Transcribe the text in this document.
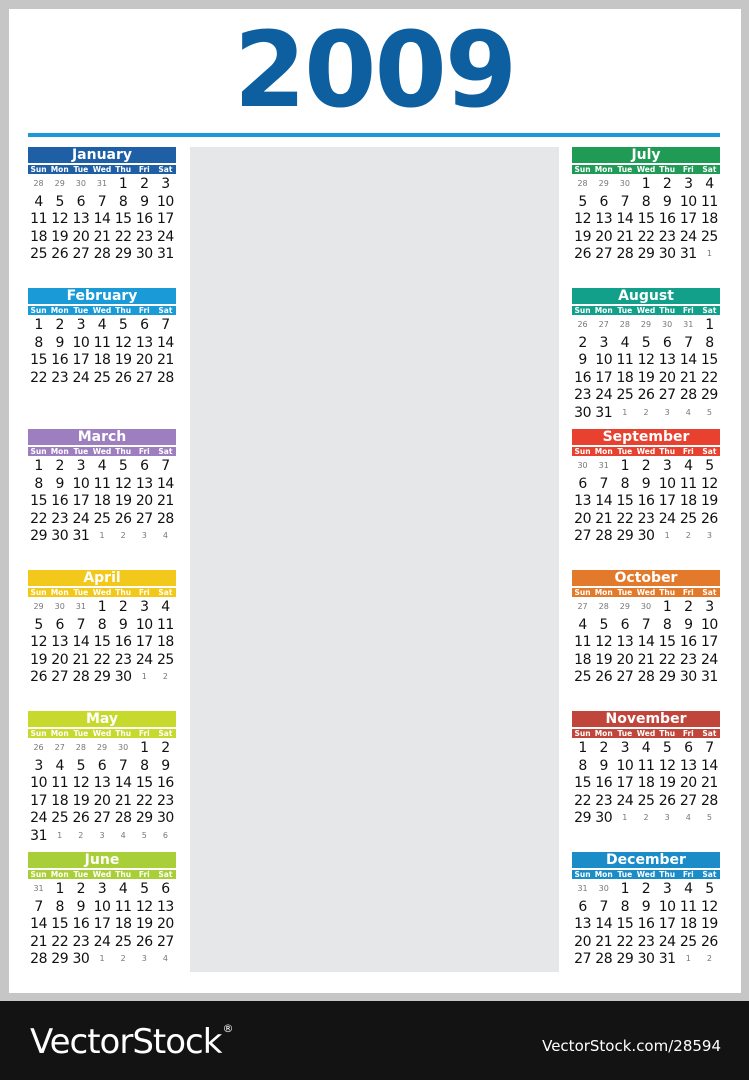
2009
January
Sun Mon Tue Wed Thu	Fri	Sat
28	29	30	31 1 2 3
4 5 6 7 8 9 10
11 12 13 14 15 16 17
18 19 20 21 22 23 24
25 26 27 28 29 30 31
February
Sun Mon Tue Wed Thu	Fri	Sat
1 2 3 4 5 6 7
8 9 10 11 12 13 14
15 16 17 18 19 20 21
22 23 24 25 26 27 28
March
Sun Mon Tue Wed Thu	Fri	Sat
1 2 3 4 5 6 7
8 9 10 11 12 13 14
15 16 17 18 19 20 21
22 23 24 25 26 27 28
29 30 31	1	2	3	4
April
Sun Mon Tue Wed Thu	Fri	Sat
29	30	31 1 2 3 4
5 6 7 8 9 10 11
12 13 14 15 16 17 18
19 20 21 22 23 24 25
26 27 28 29 30	1	2
May
Sun Mon Tue Wed Thu	Fri	Sat
26	27	28	29	30 1 2
3 4 5 6 7 8 9
10 11 12 13 14 15 16
17 18 19 20 21 22 23
24 25 26 27 28 29 30
31	1	2	3	4	5	6
June
Sun Mon Tue Wed Thu	Fri	Sat
31 1 2 3 4 5 6
7 8 9 10 11 12 13
14 15 16 17 18 19 20
21 22 23 24 25 26 27
28 29 30	1	2	3	4
July
Sun Mon Tue Wed Thu	Fri	Sat
28	29	30 1 2 3 4
5 6 7 8 9 10 11
12 13 14 15 16 17 18
19 20 21 22 23 24 25
26 27 28 29 30 31	1
August
Sun Mon Tue Wed Thu	Fri	Sat
26	27	28	29	30	31 1
2 3 4 5 6 7 8
9 10 11 12 13 14 15
16 17 18 19 20 21 22
23 24 25 26 27 28 29
30 31	1	2	3	4	5
September
Sun Mon Tue Wed Thu	Fri	Sat
30	31 1 2 3 4 5
6 7 8 9 10 11 12
13 14 15 16 17 18 19
20 21 22 23 24 25 26
27 28 29 30	1	2	3
October
Sun Mon Tue Wed Thu	Fri	Sat
27	28	29	30 1 2 3
4 5 6 7 8 9 10
11 12 13 14 15 16 17
18 19 20 21 22 23 24
25 26 27 28 29 30 31
November
Sun Mon Tue Wed Thu	Fri	Sat
1 2 3 4 5 6 7
8 9 10 11 12 13 14
15 16 17 18 19 20 21
22 23 24 25 26 27 28
29 30	1	2	3	4	5
December
Sun Mon Tue Wed Thu	Fri	Sat
31	30 1 2 3 4 5
6 7 8 9 10 11 12
13 14 15 16 17 18 19
20 21 22 23 24 25 26
27 28 29 30 31	1	2
VectorStock®
VectorStock.com/28594
